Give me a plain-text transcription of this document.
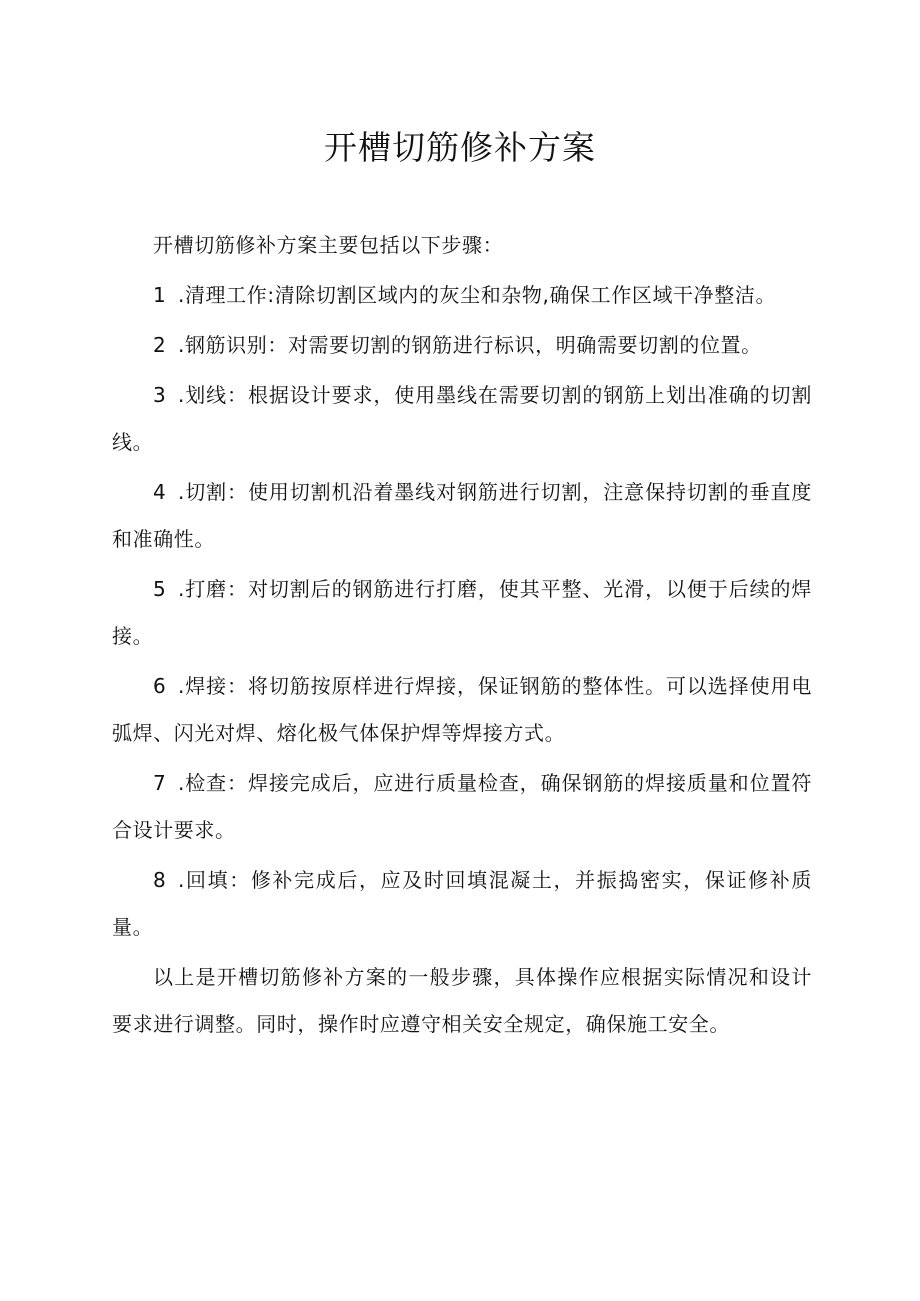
开槽切筋修补方案

开槽切筋修补方案主要包括以下步骤：

1 .清理工作:清除切割区域内的灰尘和杂物,确保工作区域干净整洁。

2 .钢筋识别：对需要切割的钢筋进行标识，明确需要切割的位置。

3 .划线：根据设计要求，使用墨线在需要切割的钢筋上划出准确的切割线。

4 .切割：使用切割机沿着墨线对钢筋进行切割，注意保持切割的垂直度和准确性。

5 .打磨：对切割后的钢筋进行打磨，使其平整、光滑，以便于后续的焊接。

6 .焊接：将切筋按原样进行焊接，保证钢筋的整体性。可以选择使用电弧焊、闪光对焊、熔化极气体保护焊等焊接方式。

7 .检查：焊接完成后，应进行质量检查，确保钢筋的焊接质量和位置符合设计要求。

8 .回填：修补完成后，应及时回填混凝土，并振捣密实，保证修补质量。

以上是开槽切筋修补方案的一般步骤，具体操作应根据实际情况和设计要求进行调整。同时，操作时应遵守相关安全规定，确保施工安全。
